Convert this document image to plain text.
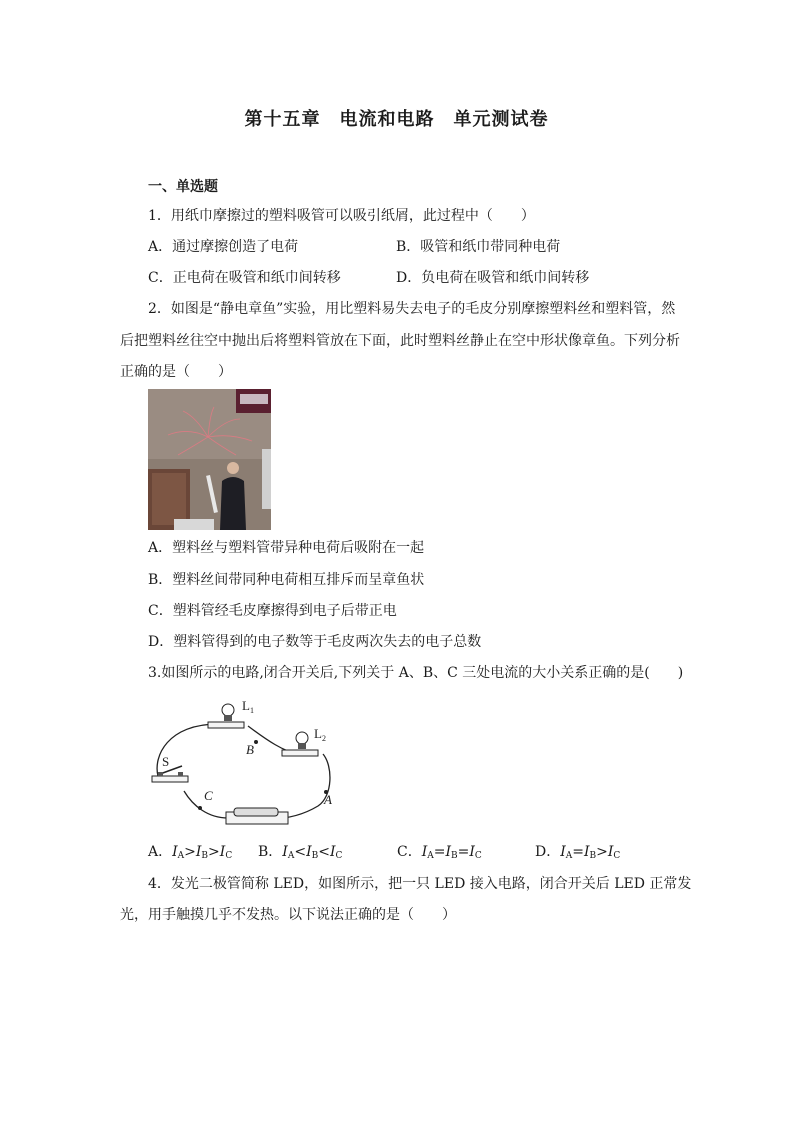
第十五章　电流和电路　单元测试卷
一、单选题
1．用纸巾摩擦过的塑料吸管可以吸引纸屑，此过程中（　　）
A．通过摩擦创造了电荷	B．吸管和纸巾带同种电荷
C．正电荷在吸管和纸巾间转移	D．负电荷在吸管和纸巾间转移
2．如图是“静电章鱼”实验，用比塑料易失去电子的毛皮分别摩擦塑料丝和塑料管，然
后把塑料丝往空中抛出后将塑料管放在下面，此时塑料丝静止在空中形状像章鱼。下列分析
正确的是（　　）
A．塑料丝与塑料管带异种电荷后吸附在一起
B．塑料丝间带同种电荷相互排斥而呈章鱼状
C．塑料管经毛皮摩擦得到电子后带正电
D．塑料管得到的电子数等于毛皮两次失去的电子总数
3.如图所示的电路,闭合开关后,下列关于 A、B、C 三处电流的大小关系正确的是(　　)
$L_1$
$L_2$
S
B
A
C
A．$I_A>I_B>I_C$ B．$I_A<I_B<I_C$	C．$I_A=I_B=I_C$	D．$I_A=I_B>I_C$
4．发光二极管简称 LED，如图所示，把一只 LED 接入电路，闭合开关后 LED 正常发
光，用手触摸几乎不发热。以下说法正确的是（　　）
